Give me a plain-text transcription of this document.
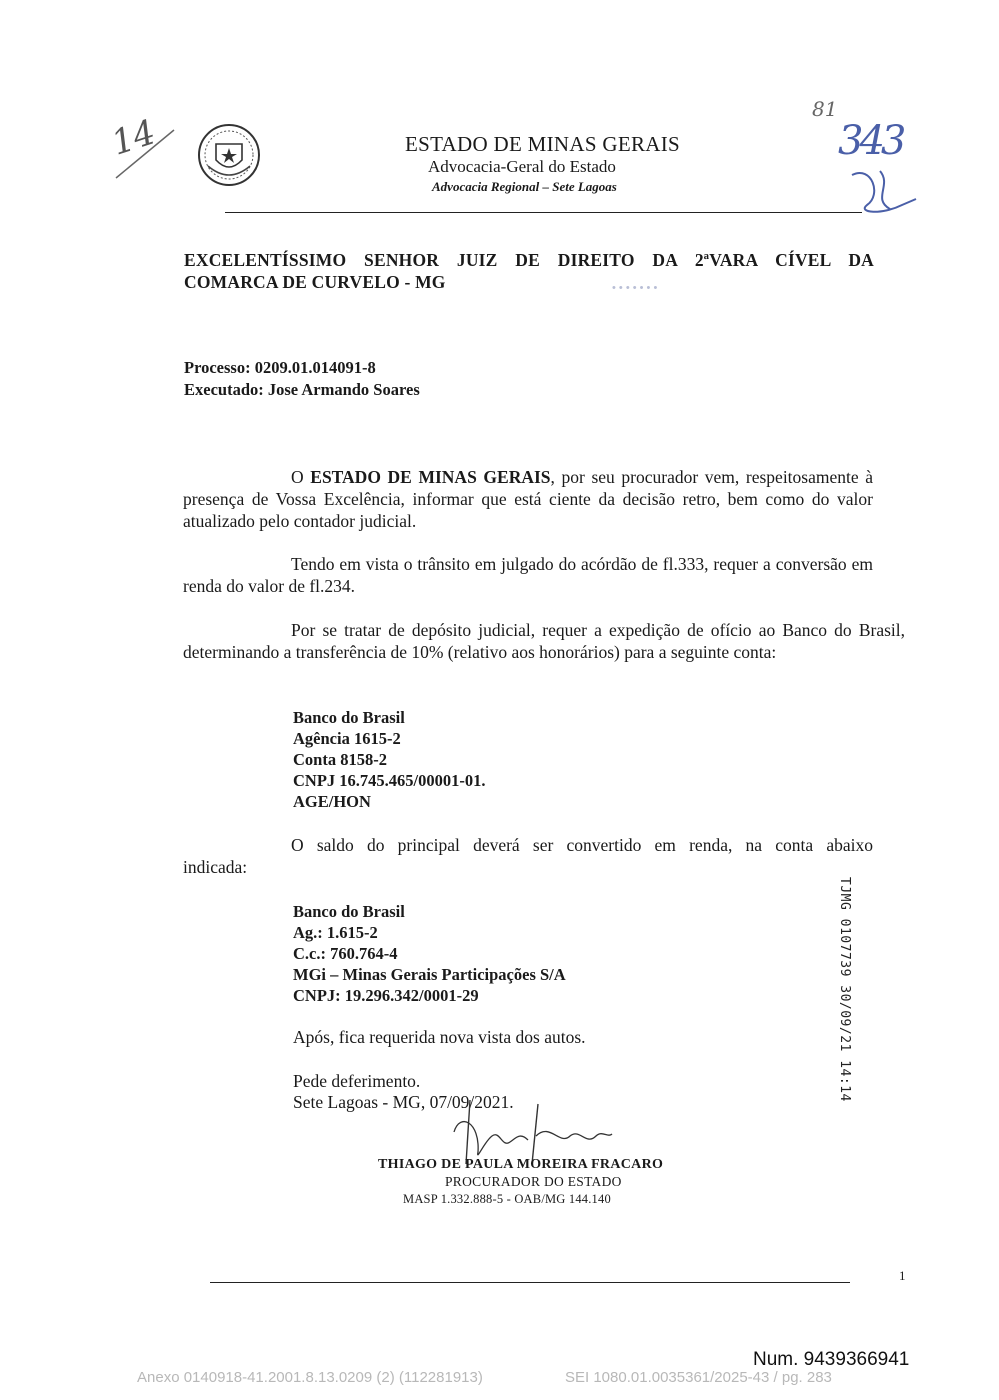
14
81
343
ESTADO DE MINAS GERAIS
Advocacia-Geral do Estado
Advocacia Regional – Sete Lagoas
EXCELENTÍSSIMO SENHOR JUIZ DE DIREITO DA 2ªVARA CÍVEL DA
COMARCA DE CURVELO - MG	• • • • • • •
Processo: 0209.01.014091-8
Executado: Jose Armando Soares
O ESTADO DE MINAS GERAIS, por seu procurador vem, respeitosamente à presença de Vossa Excelência, informar que está ciente da decisão retro, bem como do valor atualizado pelo contador judicial.
Tendo em vista o trânsito em julgado do acórdão de fl.333, requer a conversão em renda do valor de fl.234.
Por se tratar de depósito judicial, requer a expedição de ofício ao Banco do Brasil, determinando a transferência de 10% (relativo aos honorários) para a seguinte conta:
Banco do Brasil
Agência 1615-2
Conta 8158-2
CNPJ 16.745.465/00001-01.
AGE/HON
O saldo do principal deverá ser convertido em renda, na conta abaixo
indicada:
Banco do Brasil
Ag.: 1.615-2
C.c.: 760.764-4
MGi – Minas Gerais Participações S/A
CNPJ: 19.296.342/0001-29
Após, fica requerida nova vista dos autos.
Pede deferimento.
Sete Lagoas - MG, 07/09/2021.
THIAGO DE PAULA MOREIRA FRACARO
PROCURADOR DO ESTADO
MASP 1.332.888-5 - OAB/MG 144.140
1
TJMG 0107739 30/09/21 14:14
Num. 9439366941
Anexo 0140918-41.2001.8.13.0209 (2) (112281913)	SEI 1080.01.0035361/2025-43 / pg. 283
